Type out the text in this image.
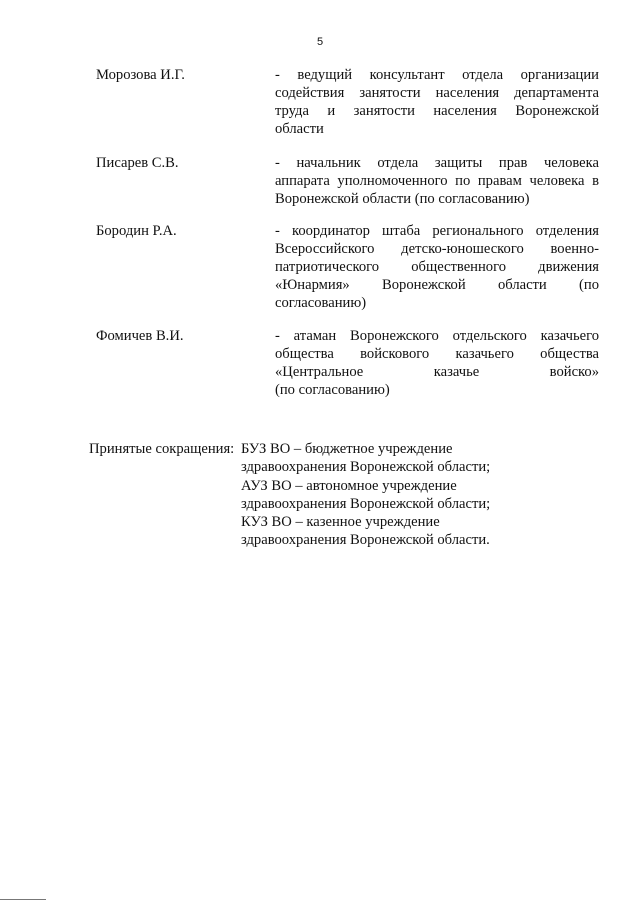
5
Морозова И.Г.	- ведущий консультант отдела организации
содействия занятости населения департамента
труда и занятости населения Воронежской
области
Писарев С.В.	- начальник отдела защиты прав человека
аппарата уполномоченного по правам человека в
Воронежской области (по согласованию)
Бородин Р.А.	- координатор штаба регионального отделения
Всероссийского детско-юношеского военно-
патриотического общественного движения
«Юнармия» Воронежской области (по
согласованию)
Фомичев В.И.	- атаман Воронежского отдельского казачьего
общества войскового казачьего общества
«Центральное казачье войско»
(по согласованию)
Принятые сокращения: БУЗ ВО – бюджетное учреждение
здравоохранения Воронежской области;
АУЗ ВО – автономное учреждение
здравоохранения Воронежской области;
КУЗ ВО – казенное учреждение
здравоохранения Воронежской области.
